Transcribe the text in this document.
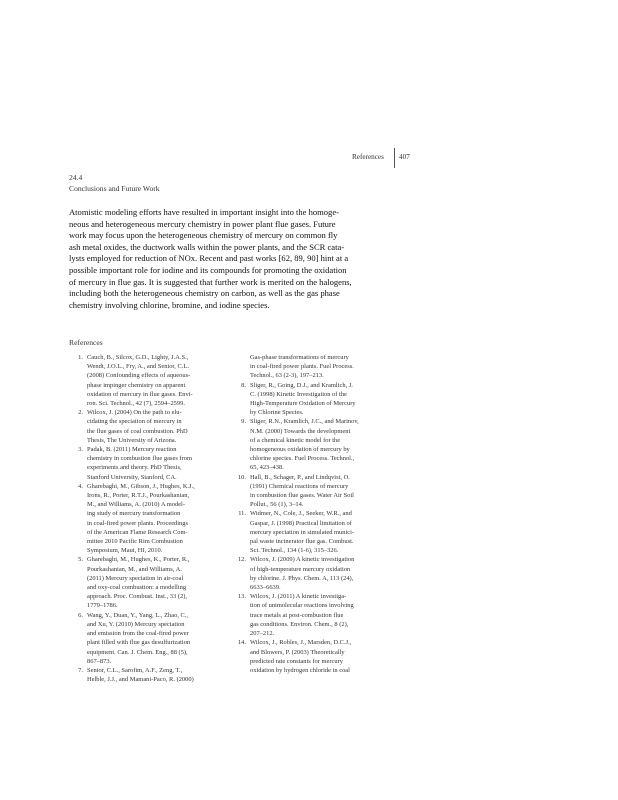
References 407
24.4
Conclusions and Future Work
Atomistic modeling efforts have resulted in important insight into the homoge-
neous and heterogeneous mercury chemistry in power plant flue gases. Future
work may focus upon the heterogeneous chemistry of mercury on common fly
ash metal oxides, the ductwork walls within the power plants, and the SCR cata-
lysts employed for reduction of NOx. Recent and past works [62, 89, 90] hint at a
possible important role for iodine and its compounds for promoting the oxidation
of mercury in flue gas. It is suggested that further work is merited on the halogens,
including both the heterogeneous chemistry on carbon, as well as the gas phase
chemistry involving chlorine, bromine, and iodine species.
References
1. Cauch, B., Silcox, G.D., Lighty, J.A.S.,
Wendt, J.O.L., Fry, A., and Senior, C.L.
(2008) Confounding effects of aqueous-
phase impinger chemistry on apparent
oxidation of mercury in flue gases. Envi-
ron. Sci. Technol., 42 (7), 2594–2599.
2. Wilcox, J. (2004) On the path to elu-
cidating the speciation of mercury in
the flue gases of coal combustion. PhD
Thesis, The University of Arizona.
3. Padak, B. (2011) Mercury reaction
chemistry in combustion flue gases from
experiments and theory. PhD Thesis,
Stanford University, Stanford, CA.
4. Gharebaghi, M., Gibson, J., Hughes, K.J.,
Irons, R., Porter, R.T.J., Pourkashanian,
M., and Williams, A. (2010) A model-
ing study of mercury transformation
in coal-fired power plants. Proceedings
of the American Flame Research Com-
mittee 2010 Pacific Rim Combustion
Symposium, Maui, HI, 2010.
5. Gharebaghi, M., Hughes, K., Porter, R.,
Pourkashanian, M., and Williams, A.
(2011) Mercury speciation in air-coal
and oxy-coal combustion: a modelling
approach. Proc. Combust. Inst., 33 (2),
1779–1786.
6. Wang, Y., Duan, Y., Yang, L., Zhao, C.,
and Xu, Y. (2010) Mercury speciation
and emission from the coal-fired power
plant filled with flue gas desulfurization
equipment. Can. J. Chem. Eng., 88 (5),
867–873.
7. Senior, C.L., Sarofim, A.F., Zeng, T.,
Helble, J.J., and Mamani-Paco, R. (2000)
Gas-phase transformations of mercury
in coal-fired power plants. Fuel Process.
Technol., 63 (2-3), 197–213.
8. Sliger, R., Going, D.J., and Kramlich, J.
C. (1998) Kinetic Investigation of the
High-Temperature Oxidation of Mercury
by Chlorine Species.
9. Sliger, R.N., Kramlich, J.C., and Marinov,
N.M. (2000) Towards the development
of a chemical kinetic model for the
homogeneous oxidation of mercury by
chlorine species. Fuel Process. Technol.,
65, 423–438.
10. Hall, B., Schager, P., and Lindqvist, O.
(1991) Chemical reactions of mercury
in combustion flue gases. Water Air Soil
Pollut., 56 (1), 3–14.
11. Widmer, N., Cole, J., Seeker, W.R., and
Gaspar, J. (1998) Practical limitation of
mercury speciation in simulated munici-
pal waste incinerator flue gas. Combust.
Sci. Technol., 134 (1-6), 315–326.
12. Wilcox, J. (2009) A kinetic investigation
of high-temperature mercury oxidation
by chlorine. J. Phys. Chem. A, 113 (24),
6633–6639.
13. Wilcox, J. (2011) A kinetic investiga-
tion of unimolecular reactions involving
trace metals at post-combustion flue
gas conditions. Environ. Chem., 8 (2),
207–212.
14. Wilcox, J., Robles, J., Marsden, D.C.J.,
and Blowers, P. (2003) Theoretically
predicted rate constants for mercury
oxidation by hydrogen chloride in coal
